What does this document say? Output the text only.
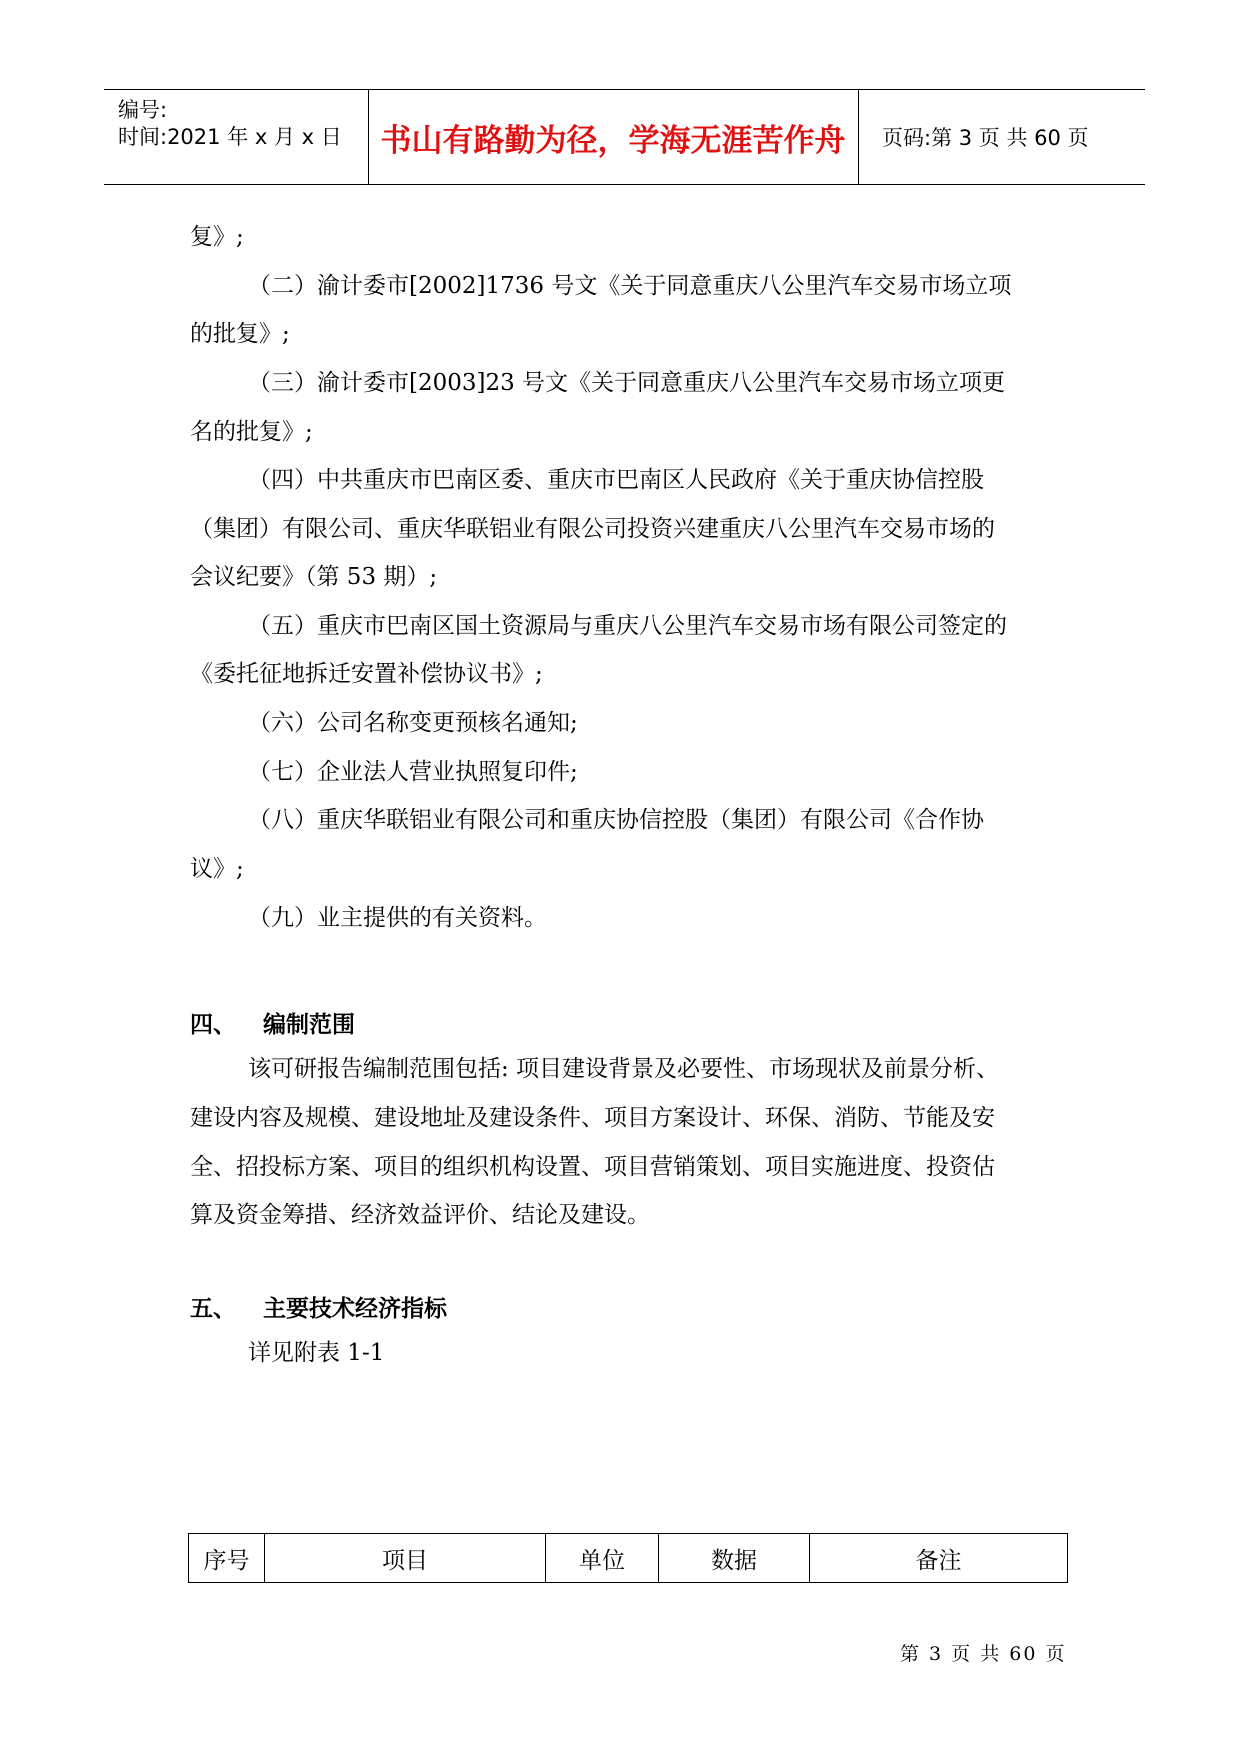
编号:
时间:2021 年 x 月 x 日	书山有路勤为径，学海无涯苦作舟	页码:第 3 页 共 60 页
复》;
（二）渝计委市[2002]1736 号文《关于同意重庆八公里汽车交易市场立项
的批复》;
（三）渝计委市[2003]23 号文《关于同意重庆八公里汽车交易市场立项更
名的批复》;
（四）中共重庆市巴南区委、重庆市巴南区人民政府《关于重庆协信控股
（集团）有限公司、重庆华联铝业有限公司投资兴建重庆八公里汽车交易市场的
会议纪要》（第 53 期）;
（五）重庆市巴南区国土资源局与重庆八公里汽车交易市场有限公司签定的
《委托征地拆迁安置补偿协议书》;
（六）公司名称变更预核名通知;
（七）企业法人营业执照复印件;
（八）重庆华联铝业有限公司和重庆协信控股（集团）有限公司《合作协
议》;
（九）业主提供的有关资料。
该可研报告编制范围包括: 项目建设背景及必要性、市场现状及前景分析、
建设内容及规模、建设地址及建设条件、项目方案设计、环保、消防、节能及安
全、招投标方案、项目的组织机构设置、项目营销策划、项目实施进度、投资估
算及资金筹措、经济效益评价、结论及建设。
详见附表 1-1
四、 编制范围
五、 主要技术经济指标
序号	项目	单位	数据	备注
第 3 页 共 60 页
